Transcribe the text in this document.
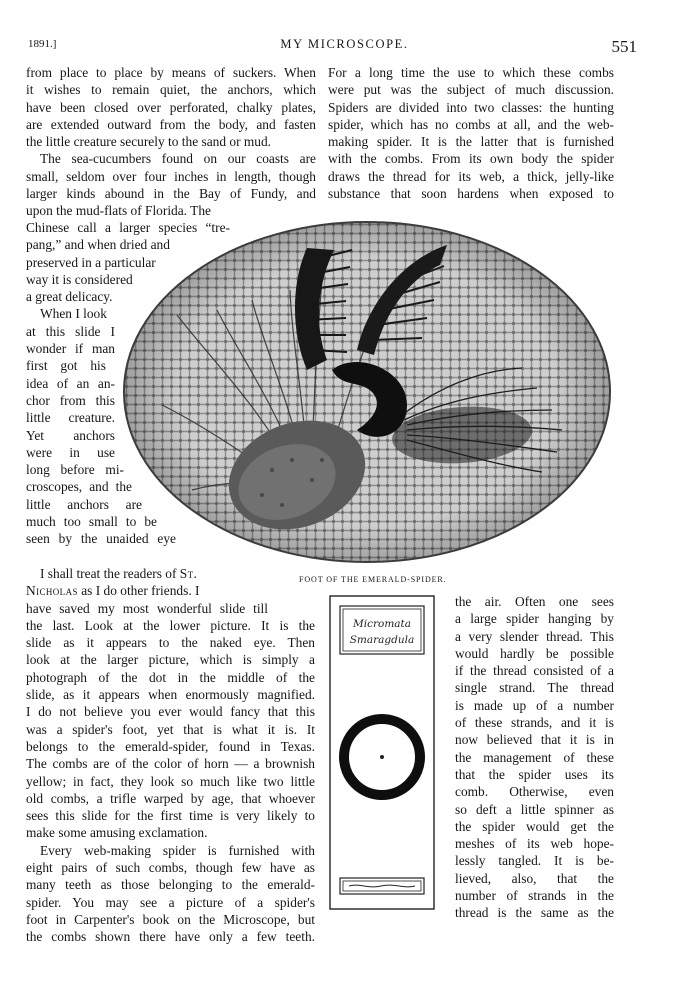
1891.]	MY MICROSCOPE.	551
from place to place by means of suckers. When
it wishes to remain quiet, the anchors, which
have been closed over perforated, chalky plates,
are extended outward from the body, and fasten
the little creature securely to the sand or mud.
The sea-cucumbers found on our coasts are
small, seldom over four inches in length, though
larger kinds abound in the Bay of Fundy, and
upon the mud-flats of Florida. The
For a long time the use to which these combs
were put was the subject of much discussion.
Spiders are divided into two classes: the hunting
spider, which has no combs at all, and the web-
making spider. It is the latter that is furnished
with the combs. From its own body the spider
draws the thread for its web, a thick, jelly-like
substance that soon hardens when exposed to
Chinese call a larger species “tre-
pang,” and when dried and
preserved in a particular
way it is considered
a great delicacy.
When I look
at this slide I
wonder if man
first got his
idea of an an-
chor from this
little creature.
Yet anchors
were in use
long before mi-
croscopes, and the
little anchors are
much too small to be
seen by the unaided eye
FOOT OF THE EMERALD-SPIDER.
I shall treat the readers of St.
Nicholas as I do other friends. I
have saved my most wonderful slide till
the last. Look at the lower picture. It is the
slide as it appears to the naked eye. Then
look at the larger picture, which is simply a
photograph of the dot in the middle of the
slide, as it appears when enormously magnified.
I do not believe you ever would fancy that this
was a spider's foot, yet that is what it is. It
belongs to the emerald-spider, found in Texas.
The combs are of the color of horn — a brownish
yellow; in fact, they look so much like two little
old combs, a trifle warped by age, that whoever
sees this slide for the first time is very likely to
make some amusing exclamation.
Every web-making spider is furnished with
eight pairs of such combs, though few have as
many teeth as those belonging to the emerald-
spider. You may see a picture of a spider's
foot in Carpenter's book on the Microscope, but
the combs shown there have only a few teeth.
Micromata
Smaragdula
the air. Often one sees
a large spider hanging by
a very slender thread. This
would hardly be possible
if the thread consisted of a
single strand. The thread
is made up of a number
of these strands, and it is
now believed that it is in
the management of these
that the spider uses its
comb. Otherwise, even
so deft a little spinner as
the spider would get the
meshes of its web hope-
lessly tangled. It is be-
lieved, also, that the
number of strands in the
thread is the same as the
